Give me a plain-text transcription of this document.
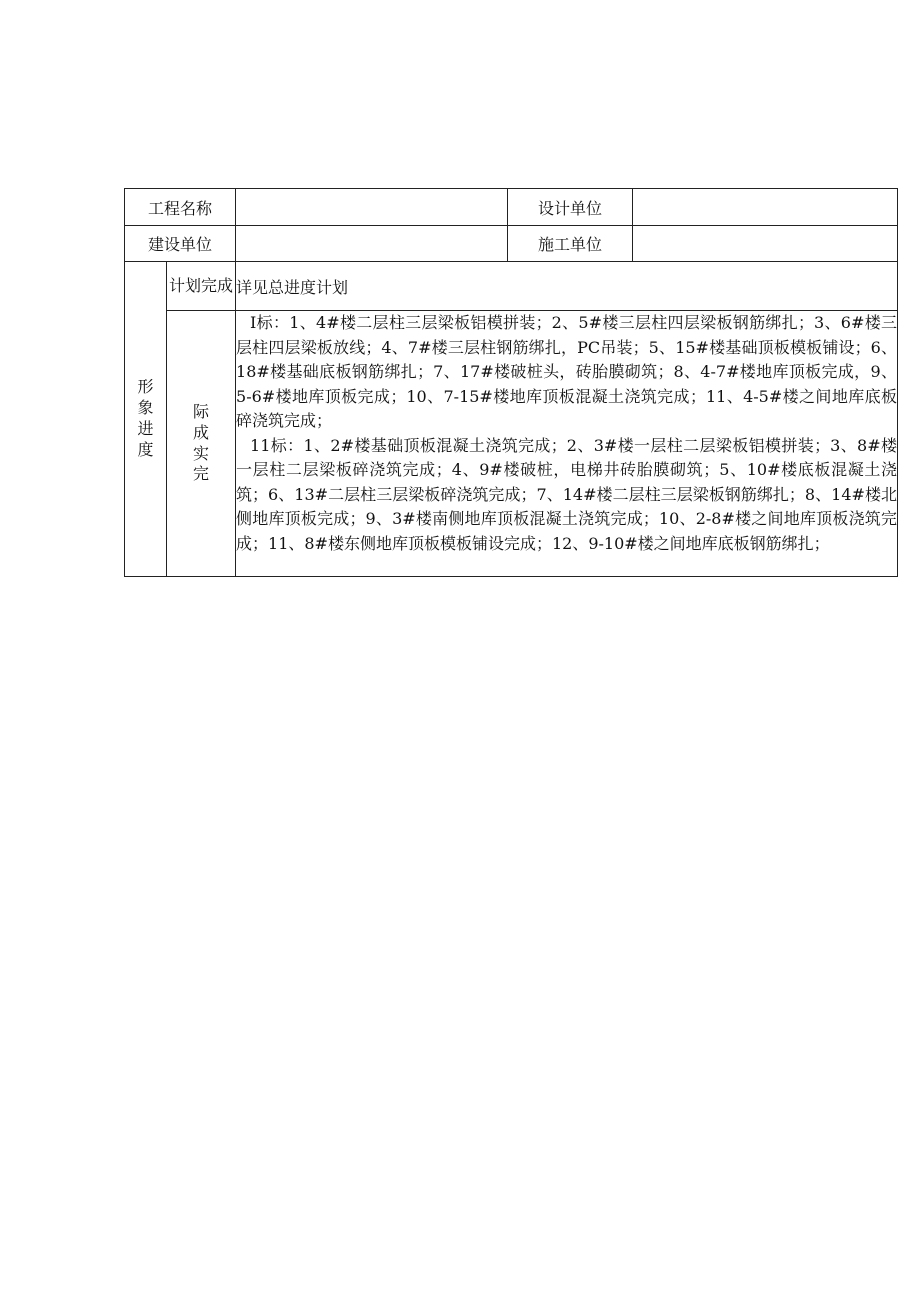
工程名称			设计单位	
建设单位			施工单位	

形象进度	计划完成	详见总进度计划		

	际成实完	I标：1、4#楼二层柱三层梁板铝模拼装；2、5#楼三层柱四层梁板钢筋绑扎；3、6#楼三层柱四层梁板放线；4、7#楼三层柱钢筋绑扎，PC吊装；5、15#楼基础顶板模板铺设；6、18#楼基础底板钢筋绑扎；7、17#楼破桩头，砖胎膜砌筑；8、4-7#楼地库顶板完成，9、5-6#楼地库顶板完成；10、7-15#楼地库顶板混凝土浇筑完成；11、4-5#楼之间地库底板碎浇筑完成；

11标：1、2#楼基础顶板混凝土浇筑完成；2、3#楼一层柱二层梁板铝模拼装；3、8#楼一层柱二层梁板碎浇筑完成；4、9#楼破桩，电梯井砖胎膜砌筑；5、10#楼底板混凝土浇筑；6、13#二层柱三层梁板碎浇筑完成；7、14#楼二层柱三层梁板钢筋绑扎；8、14#楼北侧地库顶板完成；9、3#楼南侧地库顶板混凝土浇筑完成；10、2-8#楼之间地库顶板浇筑完成；11、8#楼东侧地库顶板模板铺设完成；12、9-10#楼之间地库底板钢筋绑扎；		
